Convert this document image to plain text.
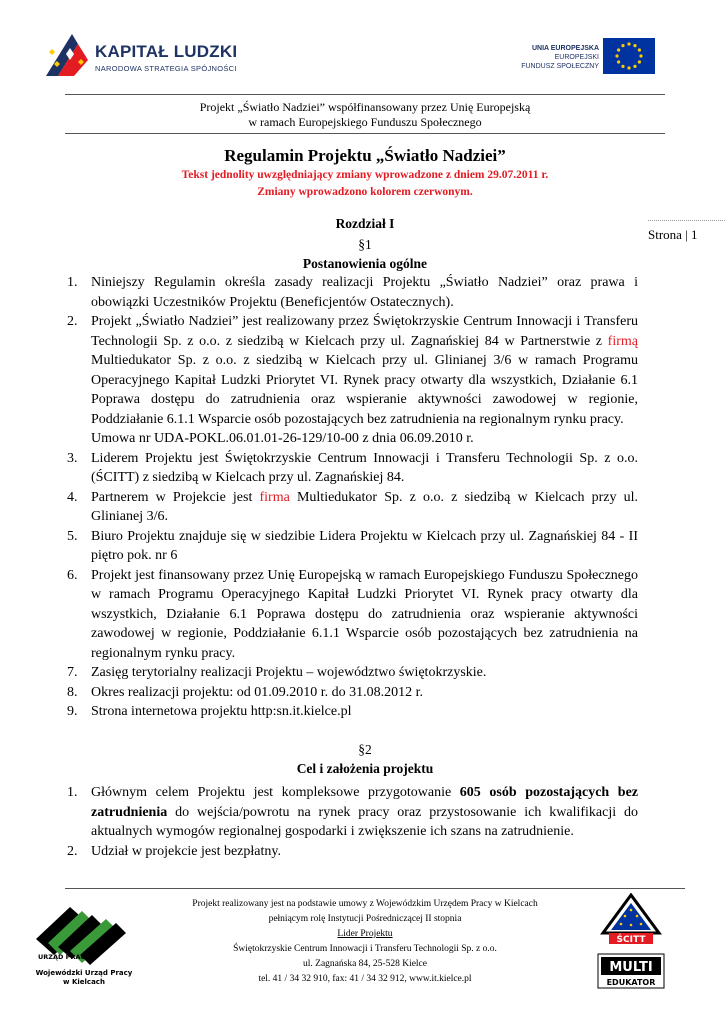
KAPITAŁ LUDZKI
NARODOWA STRATEGIA SPÓJNOŚCI
UNIA EUROPEJSKA
EUROPEJSKI
FUNDUSZ SPOŁECZNY
Projekt „Światło Nadziei” współfinansowany przez Unię Europejską
w ramach Europejskiego Funduszu Społecznego
Strona | 1
Regulamin Projektu „Światło Nadziei”
Tekst jednolity uwzględniający zmiany wprowadzone z dniem 29.07.2011 r.
Zmiany wprowadzono kolorem czerwonym.
Rozdział I
§1
Postanowienia ogólne
1. Niniejszy Regulamin określa zasady realizacji Projektu „Światło Nadziei” oraz prawa i obowiązki Uczestników Projektu (Beneficjentów Ostatecznych).
2. Projekt „Światło Nadziei” jest realizowany przez Świętokrzyskie Centrum Innowacji i Transferu Technologii Sp. z o.o. z siedzibą w Kielcach przy ul. Zagnańskiej 84 w Partnerstwie z firmą Multiedukator Sp. z o.o. z siedzibą w Kielcach przy ul. Glinianej 3/6 w ramach Programu Operacyjnego Kapitał Ludzki Priorytet VI. Rynek pracy otwarty dla wszystkich, Działanie 6.1 Poprawa dostępu do zatrudnienia oraz wspieranie aktywności zawodowej w regionie, Poddziałanie 6.1.1 Wsparcie osób pozostających bez zatrudnienia na regionalnym rynku pracy.
Umowa nr UDA-POKL.06.01.01-26-129/10-00 z dnia 06.09.2010 r.
3. Liderem Projektu jest Świętokrzyskie Centrum Innowacji i Transferu Technologii Sp. z o.o. (ŚCITT) z siedzibą w Kielcach przy ul. Zagnańskiej 84.
4. Partnerem w Projekcie jest firma Multiedukator Sp. z o.o. z siedzibą w Kielcach przy ul. Glinianej 3/6.
5. Biuro Projektu znajduje się w siedzibie Lidera Projektu w Kielcach przy ul. Zagnańskiej 84 - II piętro pok. nr 6
6. Projekt jest finansowany przez Unię Europejską w ramach Europejskiego Funduszu Społecznego w ramach Programu Operacyjnego Kapitał Ludzki Priorytet VI. Rynek pracy otwarty dla wszystkich, Działanie 6.1 Poprawa dostępu do zatrudnienia oraz wspieranie aktywności zawodowej w regionie, Poddziałanie 6.1.1 Wsparcie osób pozostających bez zatrudnienia na regionalnym rynku pracy.
7. Zasięg terytorialny realizacji Projektu – województwo świętokrzyskie.
8. Okres realizacji projektu: od 01.09.2010 r. do 31.08.2012 r.
9. Strona internetowa projektu http:sn.it.kielce.pl
§2
Cel i założenia projektu
1. Głównym celem Projektu jest kompleksowe przygotowanie 605 osób pozostających bez zatrudnienia do wejścia/powrotu na rynek pracy oraz przystosowanie ich kwalifikacji do aktualnych wymogów regionalnej gospodarki i zwiększenie ich szans na zatrudnienie.
2. Udział w projekcie jest bezpłatny.
URZĄD PRACY
Wojewódzki Urząd Pracy
w Kielcach
Projekt realizowany jest na podstawie umowy z Wojewódzkim Urzędem Pracy w Kielcach
pełniącym rolę Instytucji Pośredniczącej II stopnia
Lider Projektu
Świętokrzyskie Centrum Innowacji i Transferu Technologii Sp. z o.o.
ul. Zagnańska 84, 25-528 Kielce
tel. 41 / 34 32 910, fax: 41 / 34 32 912, www.it.kielce.pl
ŚCITT
MULTI
EDUKATOR
